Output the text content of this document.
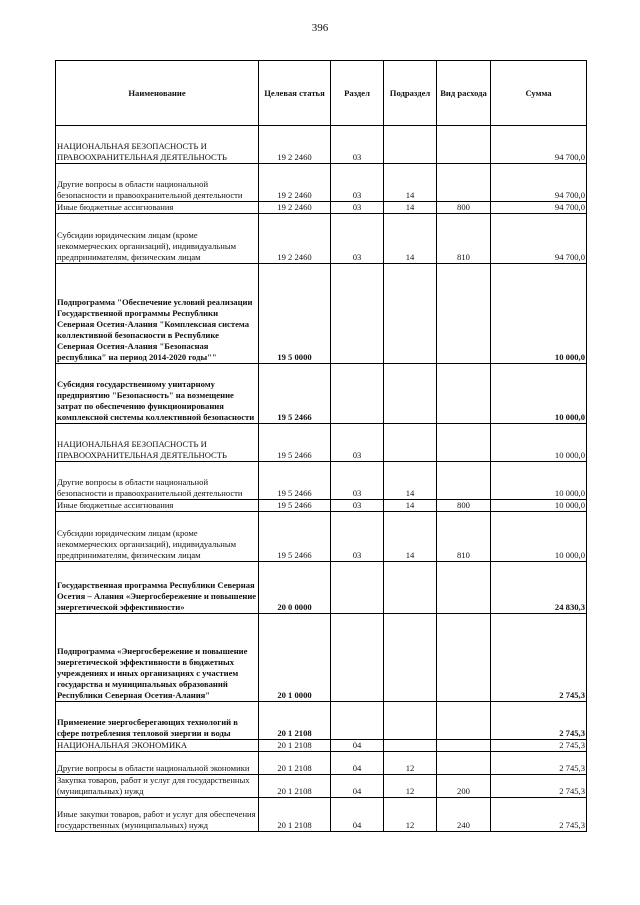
396
Наименование	Целевая статья	Раздел	Подраздел	Вид расхода	Сумма
НАЦИОНАЛЬНАЯ БЕЗОПАСНОСТЬ И ПРАВООХРАНИТЕЛЬНАЯ ДЕЯТЕЛЬНОСТЬ	19 2 2460	03			94 700,0
Другие вопросы в области национальной безопасности и правоохранительной деятельности	19 2 2460	03	14		94 700,0
Иные бюджетные ассигнования	19 2 2460	03	14	800	94 700,0
Субсидии юридическим лицам (кроме некоммерческих организаций), индивидуальным предпринимателям, физическим лицам	19 2 2460	03	14	810	94 700,0
Подпрограмма "Обеспечение условий реализации Государственной программы Республики Северная Осетия-Алания "Комплексная система коллективной безопасности в Республике Северная Осетия-Алания "Безопасная республика" на период 2014-2020 годы""	19 5 0000				10 000,0
Субсидия государственному унитарному предприятию "Безопасность" на возмещение затрат по обеспечению функционирования комплексной системы коллективной безопасности	19 5 2466				10 000,0
НАЦИОНАЛЬНАЯ БЕЗОПАСНОСТЬ И ПРАВООХРАНИТЕЛЬНАЯ ДЕЯТЕЛЬНОСТЬ	19 5 2466	03			10 000,0
Другие вопросы в области национальной безопасности и правоохранительной деятельности	19 5 2466	03	14		10 000,0
Иные бюджетные ассигнования	19 5 2466	03	14	800	10 000,0
Субсидии юридическим лицам (кроме некоммерческих организаций), индивидуальным предпринимателям, физическим лицам	19 5 2466	03	14	810	10 000,0
Государственная программа Республики Северная Осетия – Алания «Энергосбережение и повышение энергетической эффективности»	20 0 0000				24 830,3
Подпрограмма «Энергосбережение и повышение энергетической эффективности в бюджетных учреждениях и иных организациях с участием государства и муниципальных образований Республики Северная Осетия-Алания"	20 1 0000				2 745,3
Применение энергосберегающих технологий в сфере потребления тепловой энергии и воды	20 1 2108				2 745,3
НАЦИОНАЛЬНАЯ ЭКОНОМИКА	20 1 2108	04			2 745,3
Другие вопросы в области национальной экономики	20 1 2108	04	12		2 745,3
Закупка товаров, работ и услуг для государственных (муниципальных) нужд	20 1 2108	04	12	200	2 745,3
Иные закупки товаров, работ и услуг для обеспечения государственных (муниципальных) нужд	20 1 2108	04	12	240	2 745,3
